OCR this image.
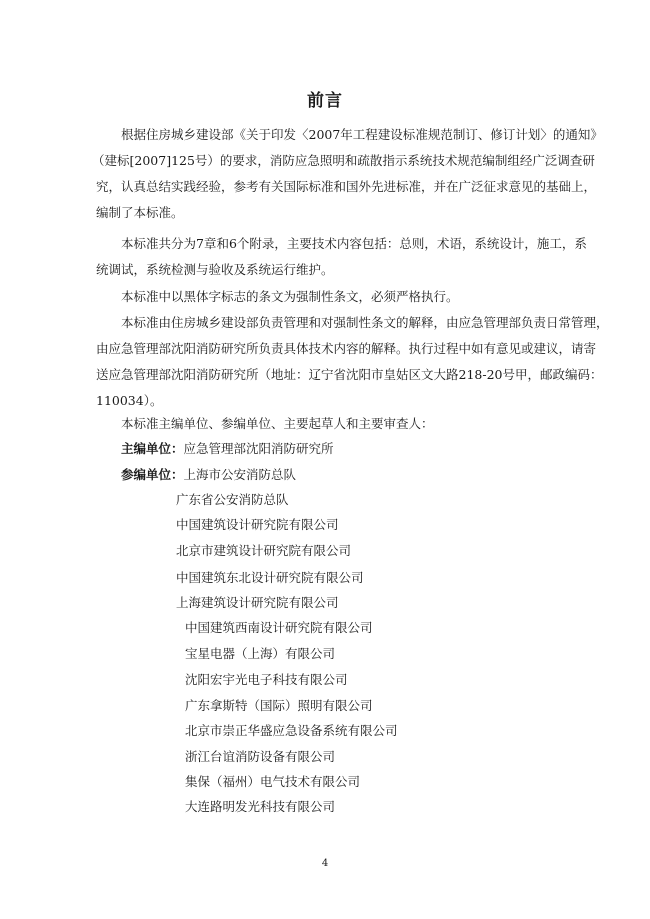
前言
根据住房城乡建设部《关于印发〈2007年工程建设标准规范制订、修订计划〉的通知》
（建标[2007]125号）的要求，消防应急照明和疏散指示系统技术规范编制组经广泛调查研
究，认真总结实践经验，参考有关国际标准和国外先进标准，并在广泛征求意见的基础上，
编制了本标准。
本标准共分为7章和6个附录，主要技术内容包括：总则，术语，系统设计，施工，系
统调试，系统检测与验收及系统运行维护。
本标准中以黑体字标志的条文为强制性条文，必须严格执行。
本标准由住房城乡建设部负责管理和对强制性条文的解释，由应急管理部负责日常管理，
由应急管理部沈阳消防研究所负责具体技术内容的解释。执行过程中如有意见或建议，请寄
送应急管理部沈阳消防研究所（地址：辽宁省沈阳市皇姑区文大路218-20号甲，邮政编码：
110034）。
本标准主编单位、参编单位、主要起草人和主要审查人：
主编单位：应急管理部沈阳消防研究所
参编单位：上海市公安消防总队
广东省公安消防总队
中国建筑设计研究院有限公司
北京市建筑设计研究院有限公司
中国建筑东北设计研究院有限公司
上海建筑设计研究院有限公司
中国建筑西南设计研究院有限公司
宝星电器（上海）有限公司
沈阳宏宇光电子科技有限公司
广东拿斯特（国际）照明有限公司
北京市崇正华盛应急设备系统有限公司
浙江台谊消防设备有限公司
集保（福州）电气技术有限公司
大连路明发光科技有限公司
4
